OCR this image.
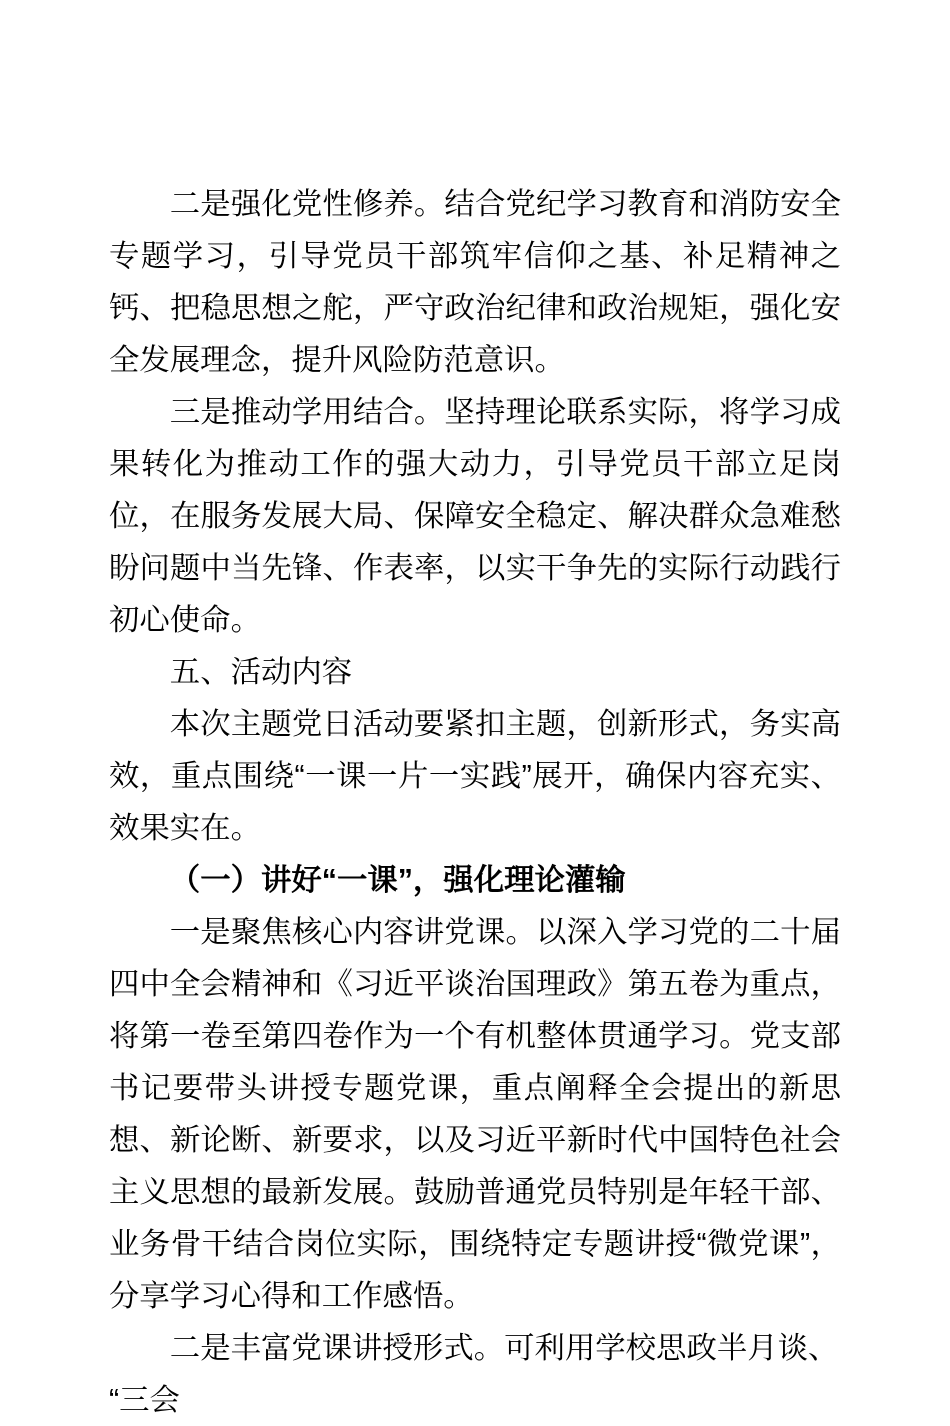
二是强化党性修养。结合党纪学习教育和消防安全专题学习，引导党员干部筑牢信仰之基、补足精神之钙、把稳思想之舵，严守政治纪律和政治规矩，强化安全发展理念，提升风险防范意识。

三是推动学用结合。坚持理论联系实际，将学习成果转化为推动工作的强大动力，引导党员干部立足岗位，在服务发展大局、保障安全稳定、解决群众急难愁盼问题中当先锋、作表率，以实干争先的实际行动践行初心使命。

五、活动内容

本次主题党日活动要紧扣主题，创新形式，务实高效，重点围绕“一课一片一实践”展开，确保内容充实、效果实在。

（一）讲好“一课”，强化理论灌输

一是聚焦核心内容讲党课。以深入学习党的二十届四中全会精神和《习近平谈治国理政》第五卷为重点，将第一卷至第四卷作为一个有机整体贯通学习。党支部书记要带头讲授专题党课，重点阐释全会提出的新思想、新论断、新要求，以及习近平新时代中国特色社会主义思想的最新发展。鼓励普通党员特别是年轻干部、业务骨干结合岗位实际，围绕特定专题讲授“微党课”，分享学习心得和工作感悟。

二是丰富党课讲授形式。可利用学校思政半月谈、“三会
